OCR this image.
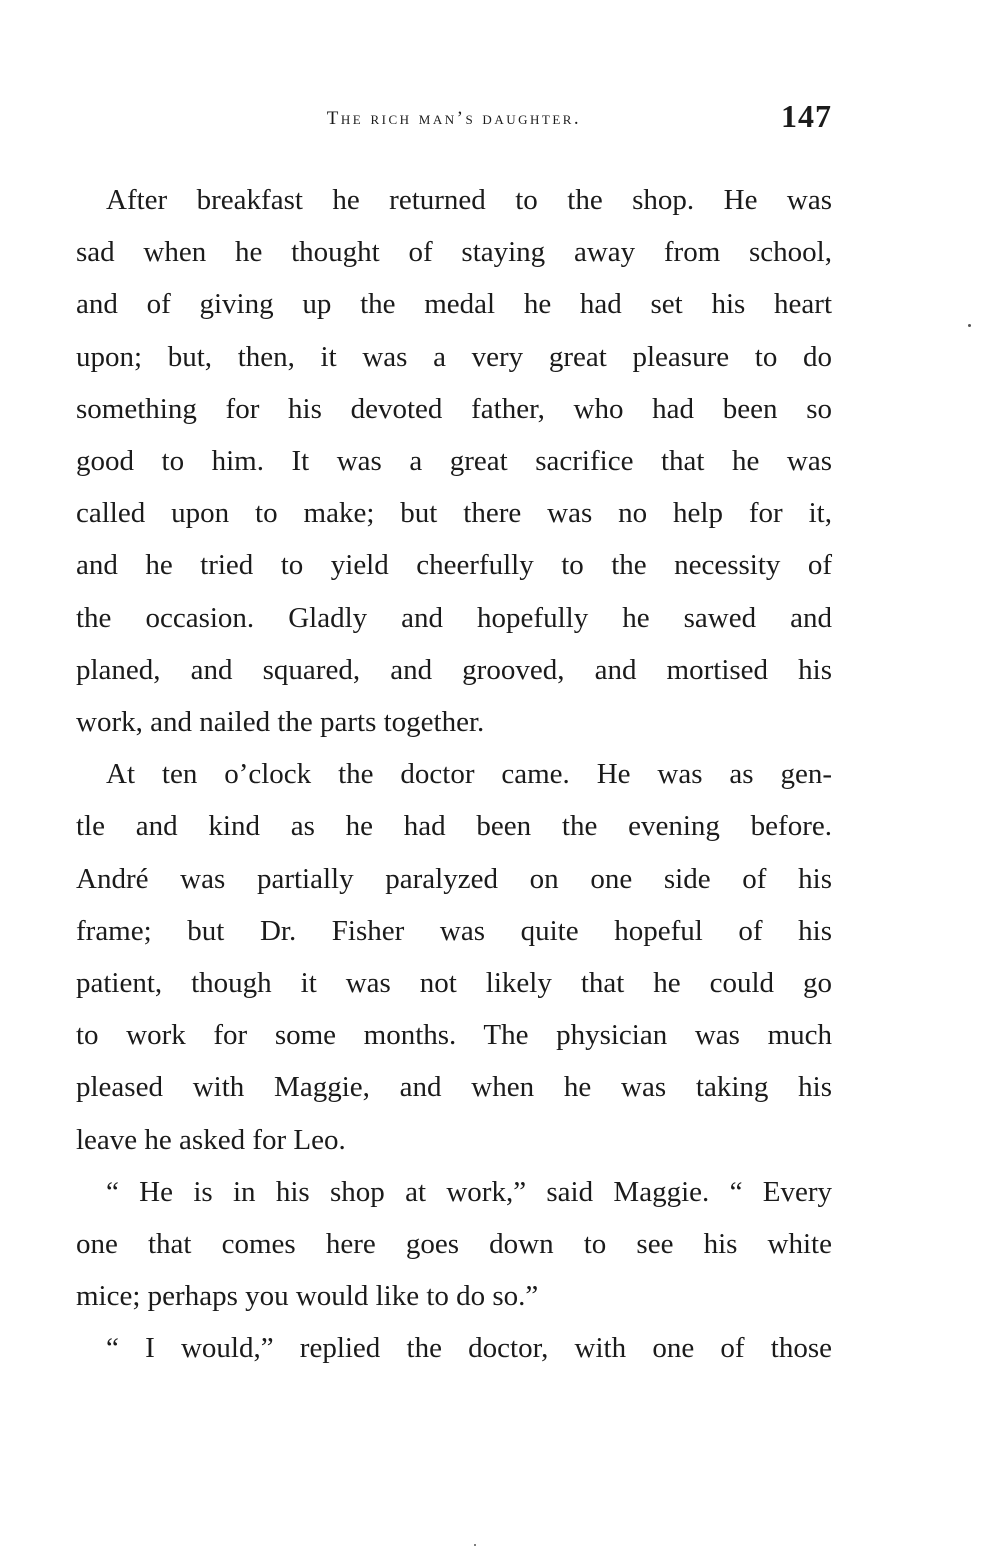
The rich man’s daughter.	147

After breakfast he returned to the shop. He was
sad when he thought of staying away from school,
and of giving up the medal he had set his heart
upon; but, then, it was a very great pleasure to do
something for his devoted father, who had been so
good to him. It was a great sacrifice that he was
called upon to make; but there was no help for it,
and he tried to yield cheerfully to the necessity of
the occasion. Gladly and hopefully he sawed and
planed, and squared, and grooved, and mortised his
work, and nailed the parts together.

At ten o’clock the doctor came. He was as gen-
tle and kind as he had been the evening before.
André was partially paralyzed on one side of his
frame; but Dr. Fisher was quite hopeful of his
patient, though it was not likely that he could go
to work for some months. The physician was much
pleased with Maggie, and when he was taking his
leave he asked for Leo.

“ He is in his shop at work,” said Maggie. “ Every
one that comes here goes down to see his white
mice; perhaps you would like to do so.”

“ I would,” replied the doctor, with one of those
